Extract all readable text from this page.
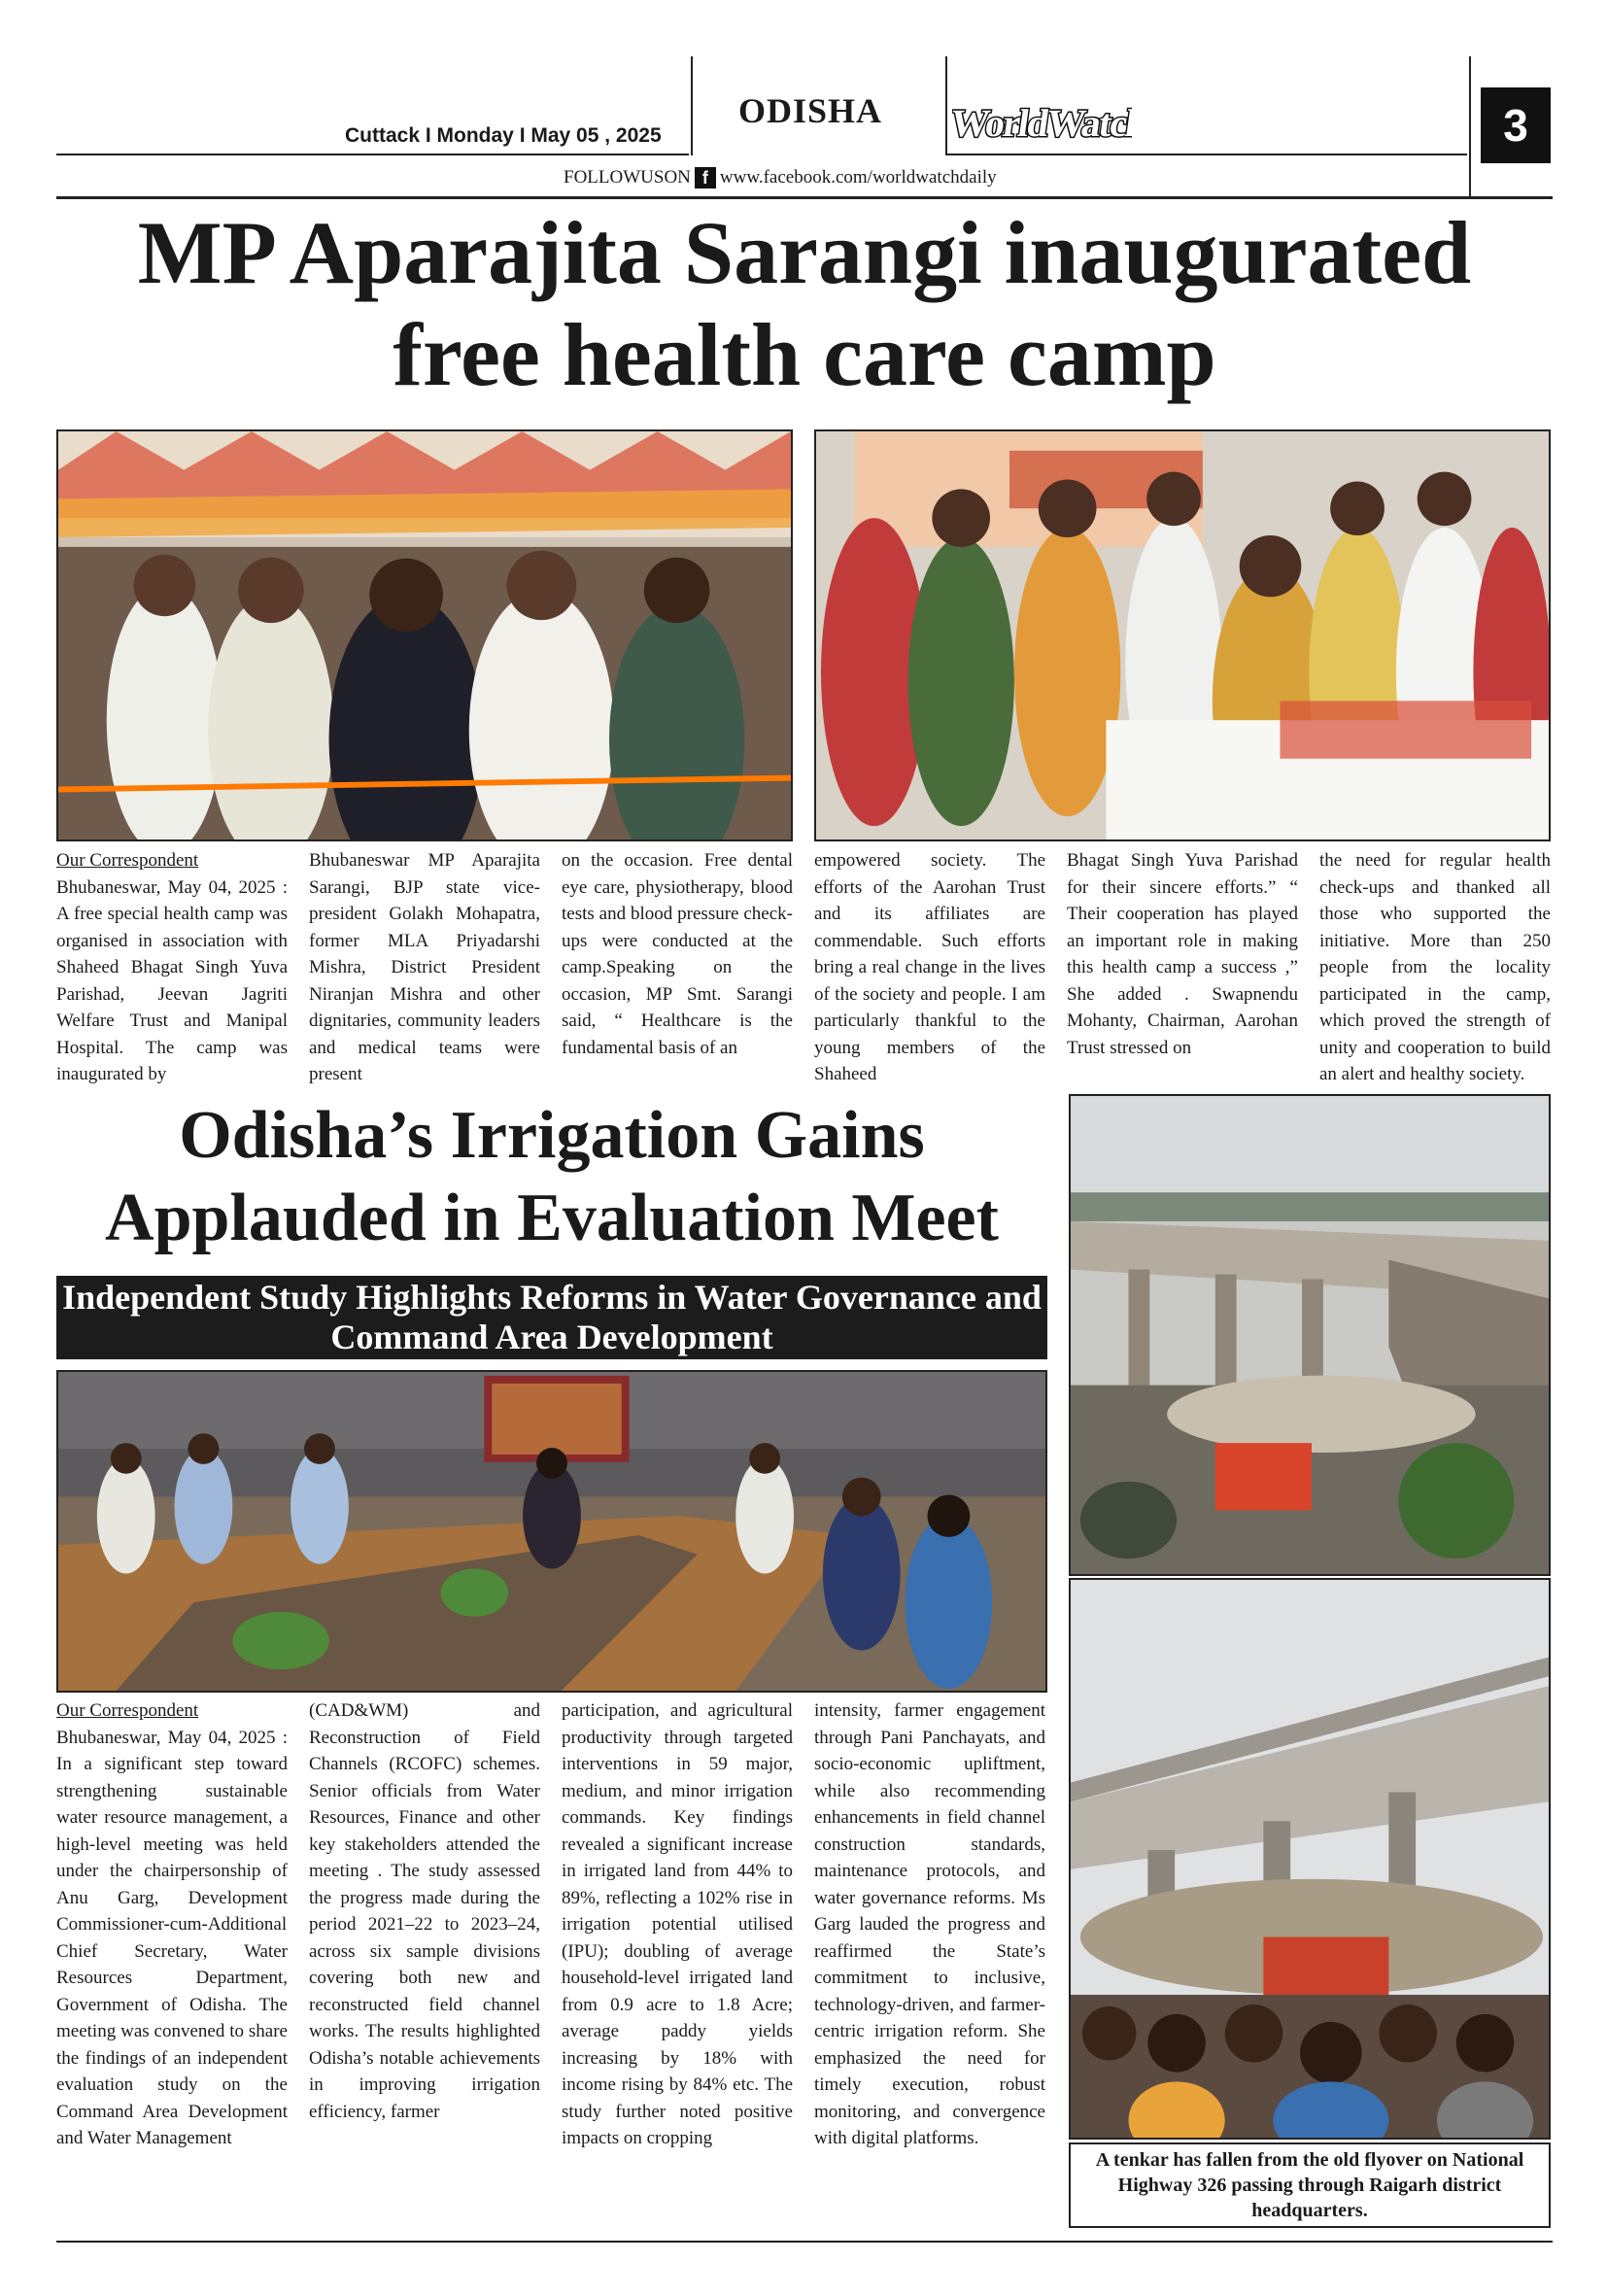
Cuttack I Monday I May 05 , 2025
ODISHA WorldWatch
WorldWatch	3
FOLLOWUSON f www.facebook.com/worldwatchdaily
MP Aparajita Sarangi inaugurated free health care camp

Our Correspondent
Bhubaneswar, May 04, 2025 : A free special health camp was organised in association with Shaheed Bhagat Singh Yuva Parishad, Jeevan Jagriti Welfare Trust and Manipal Hospital. The camp was inaugurated by

Bhubaneswar MP Aparajita Sarangi, BJP state vice-president Golakh Mohapatra, former MLA Priyadarshi Mishra, District President Niranjan Mishra and other dignitaries, community leaders and medical teams were present

on the occasion. Free dental eye care, physiotherapy, blood tests and blood pressure check-ups were conducted at the camp.Speaking on the occasion, MP Smt. Sarangi said, “ Healthcare is the fundamental basis of an

empowered society. The efforts of the Aarohan Trust and its affiliates are commendable. Such efforts bring a real change in the lives of the society and people. I am particularly thankful to the young members of the Shaheed

Bhagat Singh Yuva Parishad for their sincere efforts.” “ Their cooperation has played an important role in making this health camp a success ,” She added . Swapnendu Mohanty, Chairman, Aarohan Trust stressed on

the need for regular health check-ups and thanked all those who supported the initiative. More than 250 people from the locality participated in the camp, which proved the strength of unity and cooperation to build an alert and healthy society.

Odisha’s Irrigation Gains Applauded in Evaluation Meet
Independent Study Highlights Reforms in Water Governance and Command Area Development

Our Correspondent
Bhubaneswar, May 04, 2025 : In a significant step toward strengthening sustainable water resource management, a high-level meeting was held under the chairpersonship of Anu Garg, Development Commissioner-cum-Additional Chief Secretary, Water Resources Department, Government of Odisha. The meeting was convened to share the findings of an independent evaluation study on the Command Area Development and Water Management

(CAD&WM) and Reconstruction of Field Channels (RCOFC) schemes. Senior officials from Water Resources, Finance and other key stakeholders attended the meeting . The study assessed the progress made during the period 2021–22 to 2023–24, across six sample divisions covering both new and reconstructed field channel works. The results highlighted Odisha’s notable achievements in improving irrigation efficiency, farmer

participation, and agricultural productivity through targeted interventions in 59 major, medium, and minor irrigation commands. Key findings revealed a significant increase in irrigated land from 44% to 89%, reflecting a 102% rise in irrigation potential utilised (IPU); doubling of average household-level irrigated land from 0.9 acre to 1.8 Acre; average paddy yields increasing by 18% with income rising by 84% etc. The study further noted positive impacts on cropping

intensity, farmer engagement through Pani Panchayats, and socio-economic upliftment, while also recommending enhancements in field channel construction standards, maintenance protocols, and water governance reforms. Ms Garg lauded the progress and reaffirmed the State’s commitment to inclusive, technology-driven, and farmer-centric irrigation reform. She emphasized the need for timely execution, robust monitoring, and convergence with digital platforms.

A tenkar has fallen from the old flyover on National Highway 326 passing through Raigarh district headquarters.
